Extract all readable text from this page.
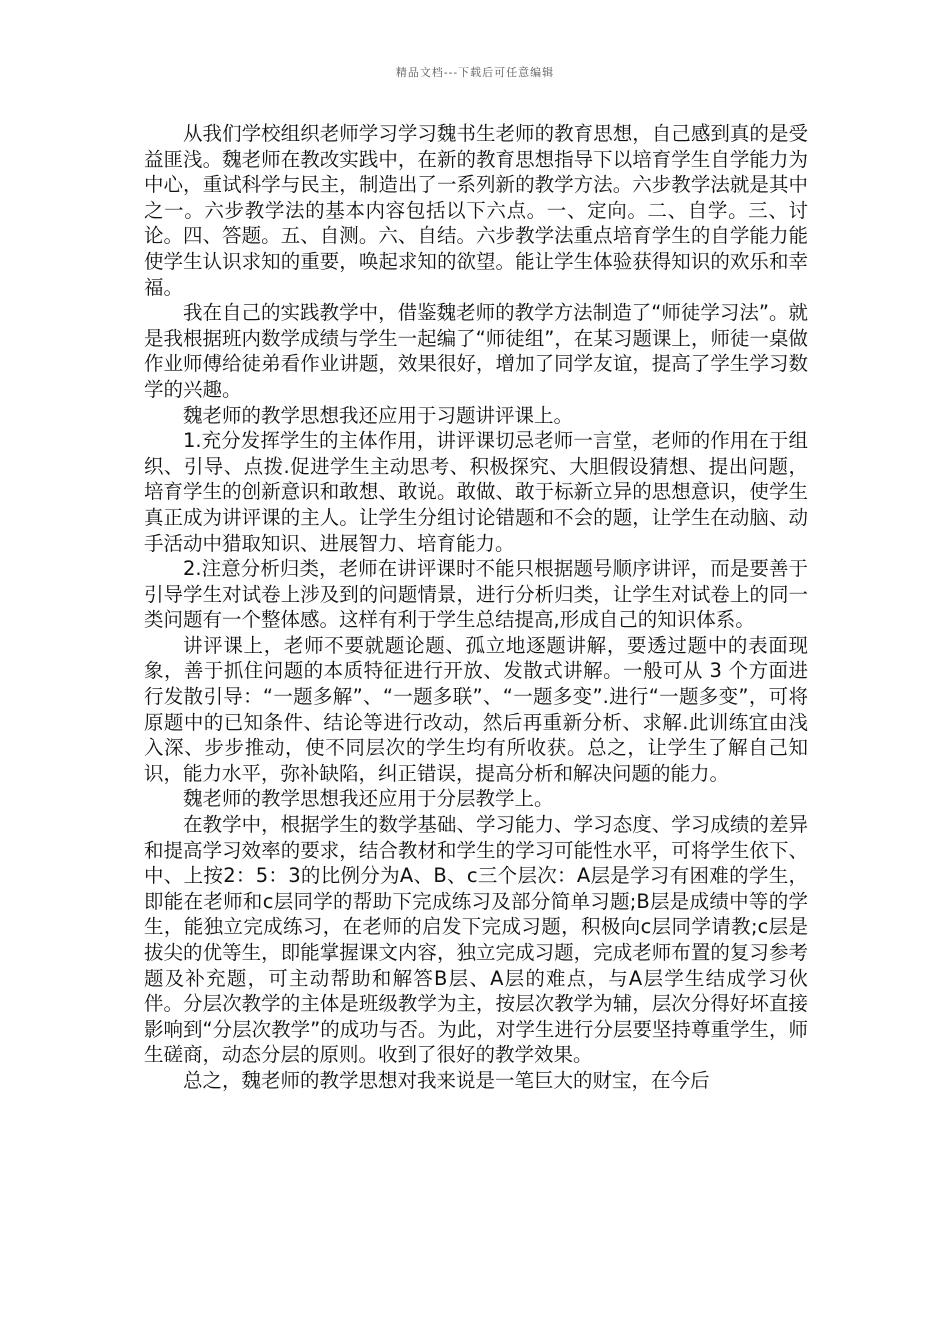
精品文档---下载后可任意编辑

从我们学校组织老师学习学习魏书生老师的教育思想，自己感到真的是受益匪浅。魏老师在教改实践中，在新的教育思想指导下以培育学生自学能力为中心，重试科学与民主，制造出了一系列新的教学方法。六步教学法就是其中之一。六步教学法的基本内容包括以下六点。一、定向。二、自学。三、讨论。四、答题。五、自测。六、自结。六步教学法重点培育学生的自学能力能使学生认识求知的重要，唤起求知的欲望。能让学生体验获得知识的欢乐和幸福。

我在自己的实践教学中，借鉴魏老师的教学方法制造了“师徒学习法”。就是我根据班内数学成绩与学生一起编了“师徒组”，在某习题课上，师徒一桌做作业师傅给徒弟看作业讲题，效果很好，增加了同学友谊，提高了学生学习数学的兴趣。

魏老师的教学思想我还应用于习题讲评课上。

1.充分发挥学生的主体作用，讲评课切忌老师一言堂，老师的作用在于组织、引导、点拨.促进学生主动思考、积极探究、大胆假设猜想、提出问题，培育学生的创新意识和敢想、敢说。敢做、敢于标新立异的思想意识，使学生真正成为讲评课的主人。让学生分组讨论错题和不会的题，让学生在动脑、动手活动中猎取知识、进展智力、培育能力。

2.注意分析归类，老师在讲评课时不能只根据题号顺序讲评，而是要善于引导学生对试卷上涉及到的问题情景，进行分析归类，让学生对试卷上的同一类问题有一个整体感。这样有利于学生总结提高,形成自己的知识体系。

讲评课上，老师不要就题论题、孤立地逐题讲解，要透过题中的表面现象，善于抓住问题的本质特征进行开放、发散式讲解。一般可从 3 个方面进行发散引导：“一题多解”、“一题多联”、“一题多变”.进行“一题多变”，可将原题中的已知条件、结论等进行改动，然后再重新分析、求解.此训练宜由浅入深、步步推动，使不同层次的学生均有所收获。总之，让学生了解自己知识，能力水平，弥补缺陷，纠正错误，提高分析和解决问题的能力。

魏老师的教学思想我还应用于分层教学上。

在教学中，根据学生的数学基础、学习能力、学习态度、学习成绩的差异和提高学习效率的要求，结合教材和学生的学习可能性水平，可将学生依下、中、上按2：5：3的比例分为A、B、c三个层次：A层是学习有困难的学生，即能在老师和c层同学的帮助下完成练习及部分简单习题;B层是成绩中等的学生，能独立完成练习，在老师的启发下完成习题，积极向c层同学请教;c层是拔尖的优等生，即能掌握课文内容，独立完成习题，完成老师布置的复习参考题及补充题，可主动帮助和解答B层、A层的难点，与A层学生结成学习伙伴。分层次教学的主体是班级教学为主，按层次教学为辅，层次分得好坏直接影响到“分层次教学”的成功与否。为此，对学生进行分层要坚持尊重学生，师生磋商，动态分层的原则。收到了很好的教学效果。

总之，魏老师的教学思想对我来说是一笔巨大的财宝，在今后
